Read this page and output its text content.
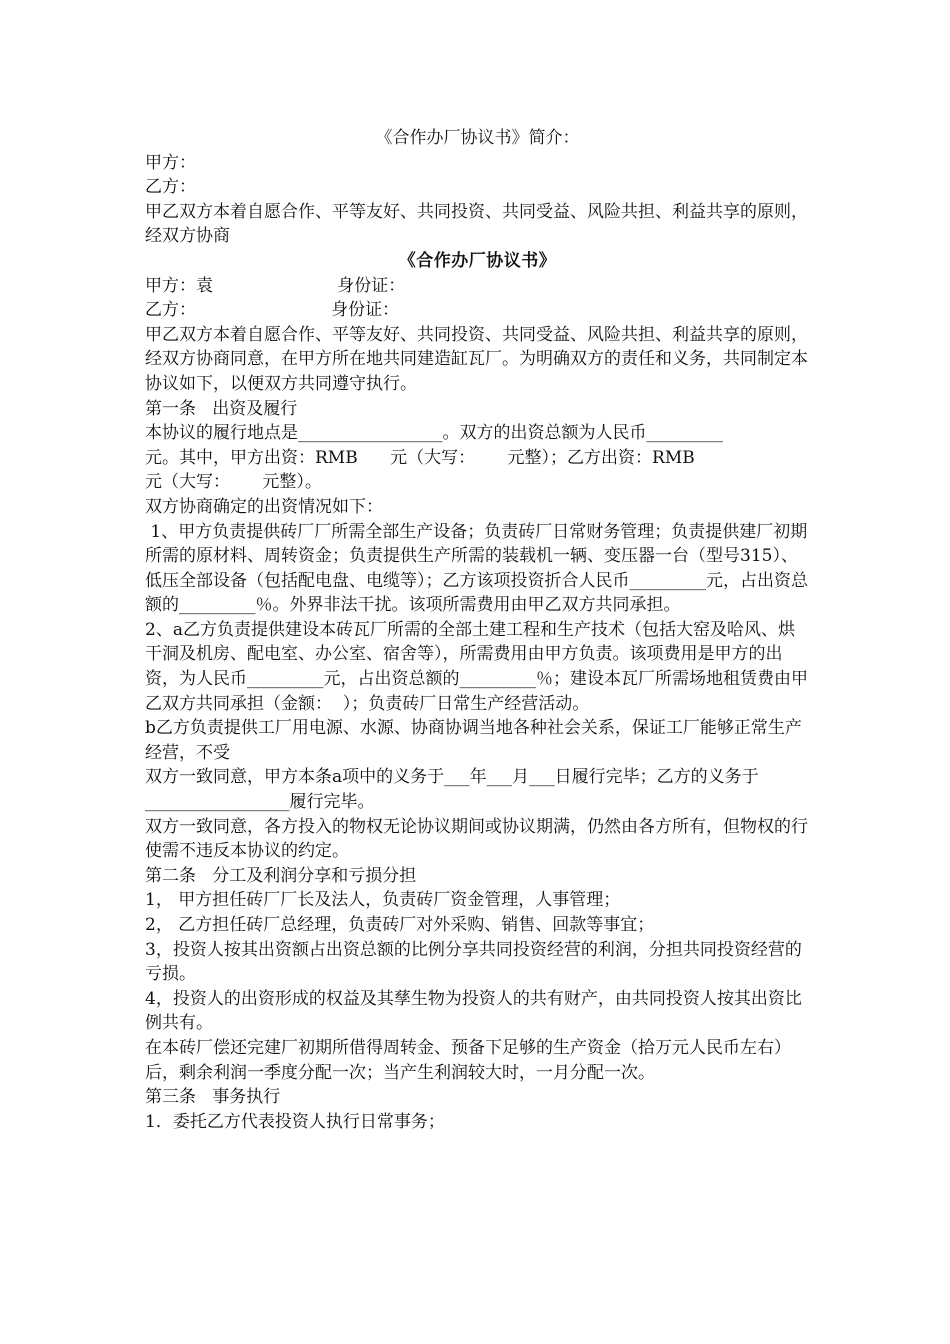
《合作办厂协议书》简介：

甲方：

乙方：

甲乙双方本着自愿合作、平等友好、共同投资、共同受益、风险共担、利益共享的原则，经双方协商

《合作办厂协议书》

甲方：袁                       身份证：

乙方：                         身份证：

甲乙双方本着自愿合作、平等友好、共同投资、共同受益、风险共担、利益共享的原则，经双方协商同意，在甲方所在地共同建造缸瓦厂。为明确双方的责任和义务，共同制定本协议如下，以便双方共同遵守执行。

第一条   出资及履行

本协议的履行地点是_________________。双方的出资总额为人民币_________

元。其中，甲方出资：RMB      元（大写：      元整）；乙方出资：RMB

元（大写：      元整）。

双方协商确定的出资情况如下：

1、甲方负责提供砖厂厂所需全部生产设备；负责砖厂日常财务管理；负责提供建厂初期所需的原材料、周转资金；负责提供生产所需的装载机一辆、变压器一台（型号315）、低压全部设备（包括配电盘、电缆等）；乙方该项投资折合人民币_________元，占出资总额的_________％。外界非法干扰。该项所需费用由甲乙双方共同承担。

2、a乙方负责提供建设本砖瓦厂所需的全部土建工程和生产技术（包括大窑及哈风、烘干洞及机房、配电室、办公室、宿舍等），所需费用由甲方负责。该项费用是甲方的出资，为人民币_________元，占出资总额的_________％；建设本瓦厂所需场地租赁费由甲乙双方共同承担（金额：  ）；负责砖厂日常生产经营活动。

b乙方负责提供工厂用电源、水源、协商协调当地各种社会关系，保证工厂能够正常生产经营，不受

双方一致同意，甲方本条a项中的义务于___年___月___日履行完毕；乙方的义务于_________________履行完毕。

双方一致同意，各方投入的物权无论协议期间或协议期满，仍然由各方所有，但物权的行使需不违反本协议的约定。

第二条   分工及利润分享和亏损分担

1， 甲方担任砖厂厂长及法人，负责砖厂资金管理，人事管理；

2， 乙方担任砖厂总经理，负责砖厂对外采购、销售、回款等事宜；

3，投资人按其出资额占出资总额的比例分享共同投资经营的利润，分担共同投资经营的亏损。

4，投资人的出资形成的权益及其孳生物为投资人的共有财产，由共同投资人按其出资比例共有。

在本砖厂偿还完建厂初期所借得周转金、预备下足够的生产资金（拾万元人民币左右）后，剩余利润一季度分配一次；当产生利润较大时，一月分配一次。

第三条   事务执行

1．委托乙方代表投资人执行日常事务；
